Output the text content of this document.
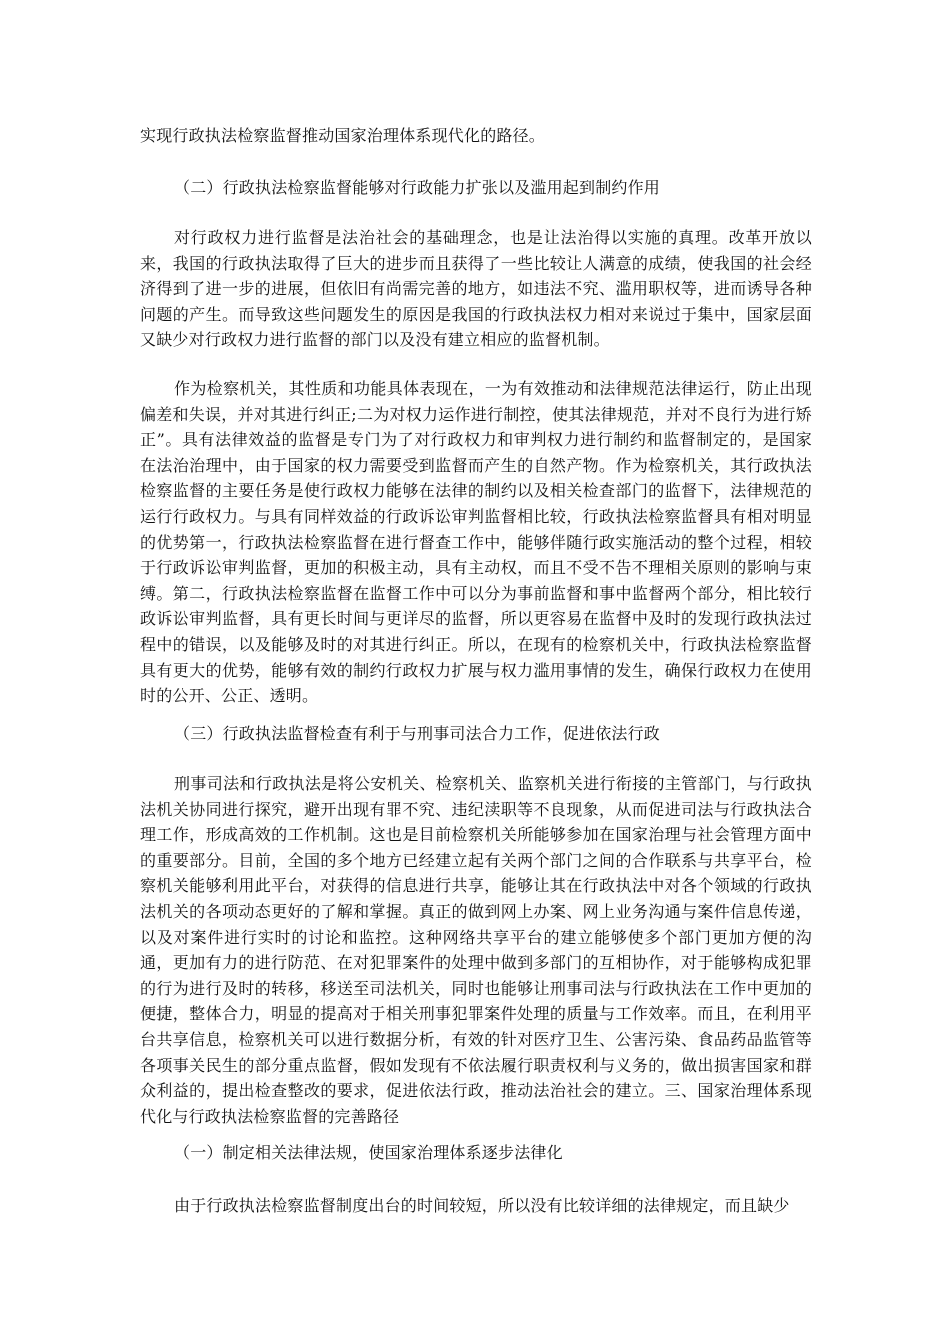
实现行政执法检察监督推动国家治理体系现代化的路径。

（二）行政执法检察监督能够对行政能力扩张以及滥用起到制约作用

对行政权力进行监督是法治社会的基础理念，也是让法治得以实施的真理。改革开放以来，我国的行政执法取得了巨大的进步而且获得了一些比较让人满意的成绩，使我国的社会经济得到了进一步的进展，但依旧有尚需完善的地方，如违法不究、滥用职权等，进而诱导各种问题的产生。而导致这些问题发生的原因是我国的行政执法权力相对来说过于集中，国家层面又缺少对行政权力进行监督的部门以及没有建立相应的监督机制。

作为检察机关，其性质和功能具体表现在，一为有效推动和法律规范法律运行，防止出现偏差和失误，并对其进行纠正;二为对权力运作进行制控，使其法律规范，并对不良行为进行矫正”。具有法律效益的监督是专门为了对行政权力和审判权力进行制约和监督制定的，是国家在法治治理中，由于国家的权力需要受到监督而产生的自然产物。作为检察机关，其行政执法检察监督的主要任务是使行政权力能够在法律的制约以及相关检查部门的监督下，法律规范的运行行政权力。与具有同样效益的行政诉讼审判监督相比较，行政执法检察监督具有相对明显的优势第一，行政执法检察监督在进行督查工作中，能够伴随行政实施活动的整个过程，相较于行政诉讼审判监督，更加的积极主动，具有主动权，而且不受不告不理相关原则的影响与束缚。第二，行政执法检察监督在监督工作中可以分为事前监督和事中监督两个部分，相比较行政诉讼审判监督，具有更长时间与更详尽的监督，所以更容易在监督中及时的发现行政执法过程中的错误，以及能够及时的对其进行纠正。所以，在现有的检察机关中，行政执法检察监督具有更大的优势，能够有效的制约行政权力扩展与权力滥用事情的发生，确保行政权力在使用时的公开、公正、透明。

（三）行政执法监督检查有利于与刑事司法合力工作，促进依法行政

刑事司法和行政执法是将公安机关、检察机关、监察机关进行衔接的主管部门，与行政执法机关协同进行探究，避开出现有罪不究、违纪渎职等不良现象，从而促进司法与行政执法合理工作，形成高效的工作机制。这也是目前检察机关所能够参加在国家治理与社会管理方面中的重要部分。目前，全国的多个地方已经建立起有关两个部门之间的合作联系与共享平台，检察机关能够利用此平台，对获得的信息进行共享，能够让其在行政执法中对各个领域的行政执法机关的各项动态更好的了解和掌握。真正的做到网上办案、网上业务沟通与案件信息传递，以及对案件进行实时的讨论和监控。这种网络共享平台的建立能够使多个部门更加方便的沟通，更加有力的进行防范、在对犯罪案件的处理中做到多部门的互相协作，对于能够构成犯罪的行为进行及时的转移，移送至司法机关，同时也能够让刑事司法与行政执法在工作中更加的便捷，整体合力，明显的提高对于相关刑事犯罪案件处理的质量与工作效率。而且，在利用平台共享信息，检察机关可以进行数据分析，有效的针对医疗卫生、公害污染、食品药品监管等各项事关民生的部分重点监督，假如发现有不依法履行职责权利与义务的，做出损害国家和群众利益的，提出检查整改的要求，促进依法行政，推动法治社会的建立。三、国家治理体系现代化与行政执法检察监督的完善路径

（一）制定相关法律法规，使国家治理体系逐步法律化

由于行政执法检察监督制度出台的时间较短，所以没有比较详细的法律规定，而且缺少
